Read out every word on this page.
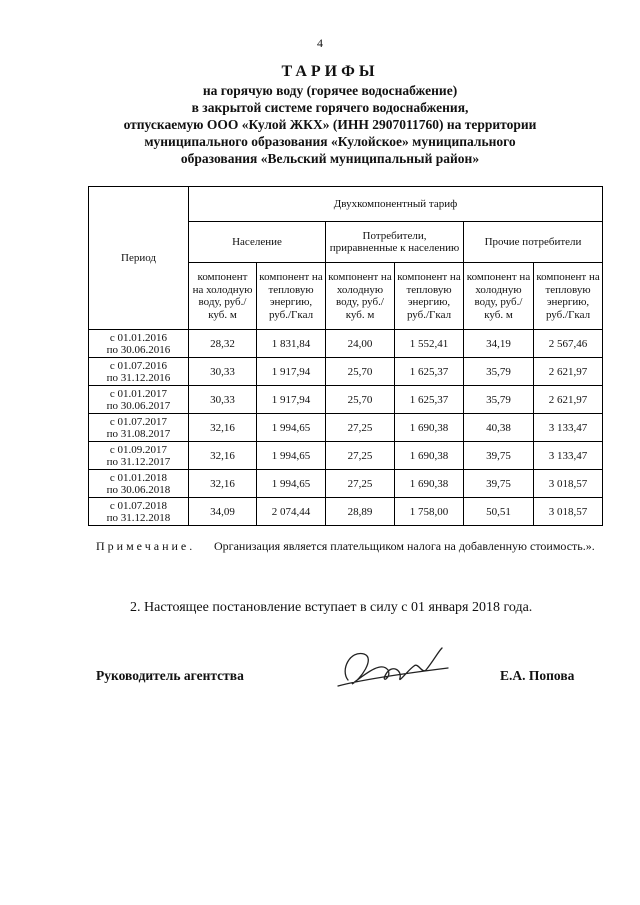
4
ТАРИФЫ
на горячую воду (горячее водоснабжение)
в закрытой системе горячего водоснабжения,
отпускаемую ООО «Кулой ЖКХ» (ИНН 2907011760) на территории
муниципального образования «Кулойское» муниципального
образования «Вельский муниципальный район»
Период	Двухкомпонентный тариф					
	Население		Потребители, приравненные к населению		Прочие потребители	
	компонент на холодную воду, руб./куб. м	компонент на тепловую энергию, руб./Гкал	компонент на холодную воду, руб./куб. м	компонент на тепловую энергию, руб./Гкал	компонент на холодную воду, руб./куб. м	компонент на тепловую энергию, руб./Гкал
с 01.01.2016
по 30.06.2016	28,32	1 831,84	24,00	1 552,41	34,19	2 567,46
с 01.07.2016
по 31.12.2016	30,33	1 917,94	25,70	1 625,37	35,79	2 621,97
с 01.01.2017
по 30.06.2017	30,33	1 917,94	25,70	1 625,37	35,79	2 621,97
с 01.07.2017
по 31.08.2017	32,16	1 994,65	27,25	1 690,38	40,38	3 133,47
с 01.09.2017
по 31.12.2017	32,16	1 994,65	27,25	1 690,38	39,75	3 133,47
с 01.01.2018
по 30.06.2018	32,16	1 994,65	27,25	1 690,38	39,75	3 018,57
с 01.07.2018
по 31.12.2018	34,09	2 074,44	28,89	1 758,00	50,51	3 018,57
Примечание. Организация является плательщиком налога на добавленную стоимость.».
2. Настоящее постановление вступает в силу с 01 января 2018 года.
Руководитель агентства	Е.А. Попова
